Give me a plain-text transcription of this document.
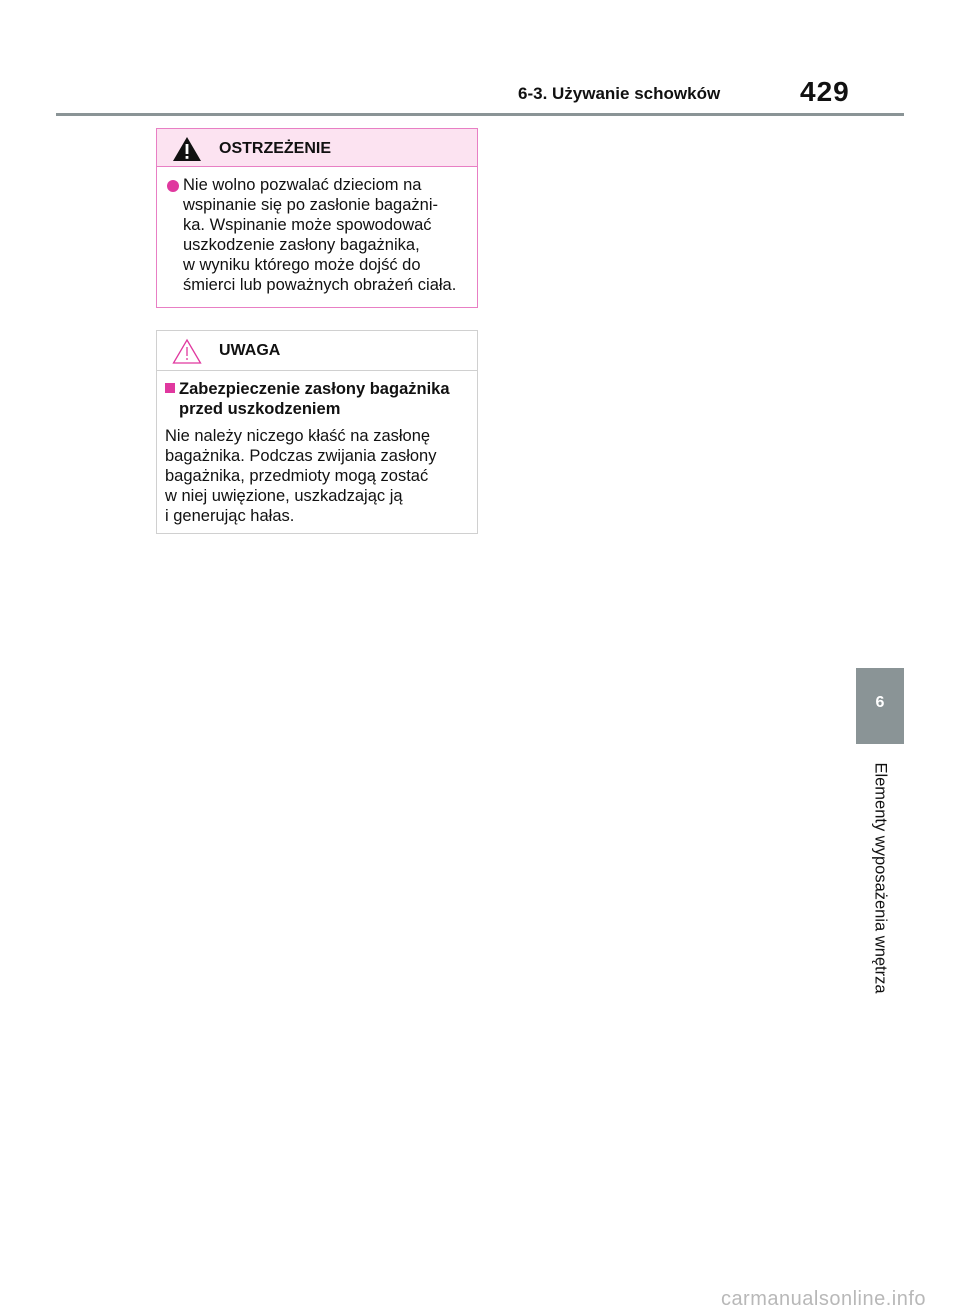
6-3. Używanie schowków	429
OSTRZEŻENIE
Nie wolno pozwalać dzieciom na
wspinanie się po zasłonie bagażni-
ka. Wspinanie może spowodować
uszkodzenie zasłony bagażnika,
w wyniku którego może dojść do
śmierci lub poważnych obrażeń ciała.
UWAGA
Zabezpieczenie zasłony bagażnika
przed uszkodzeniem
Nie należy niczego kłaść na zasłonę
bagażnika. Podczas zwijania zasłony
bagażnika, przedmioty mogą zostać
w niej uwięzione, uszkadzając ją
i generując hałas.
6
Elementy wyposażenia wnętrza
carmanualsonline.info
